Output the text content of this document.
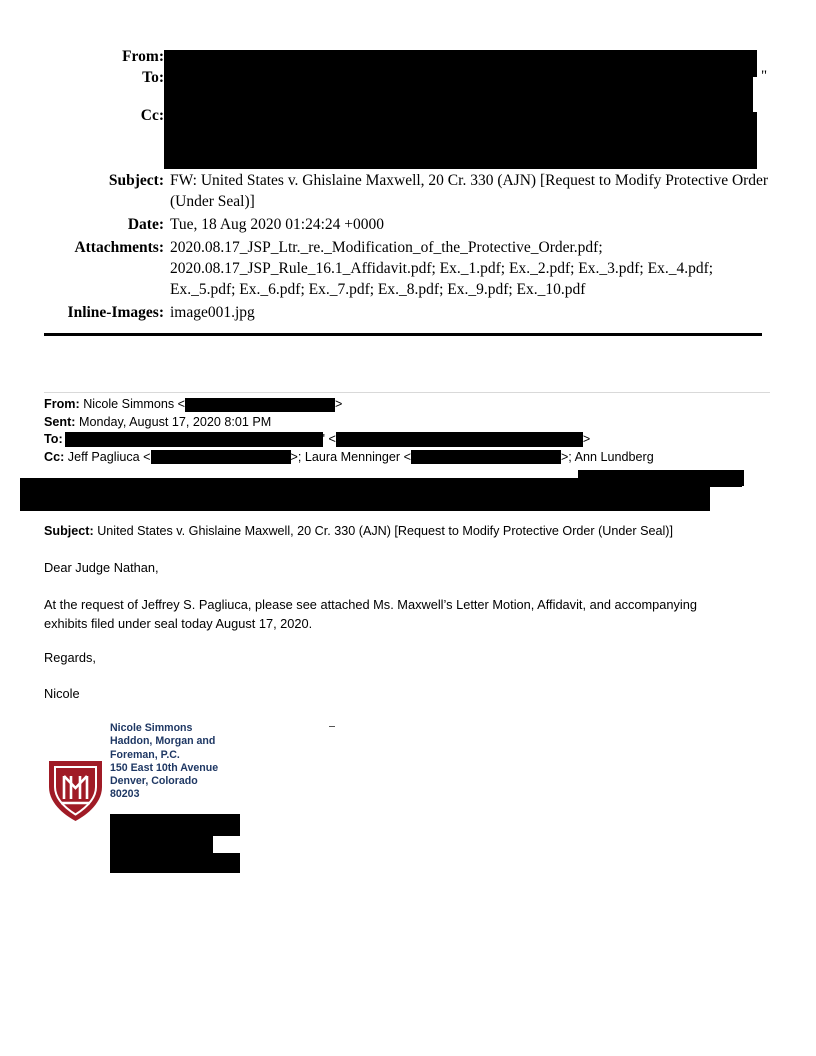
From:
To:
Cc:
Subject: FW: United States v. Ghislaine Maxwell, 20 Cr. 330 (AJN) [Request to Modify Protective Order (Under Seal)]
Date: Tue, 18 Aug 2020 01:24:24 +0000
Attachments: 2020.08.17_JSP_Ltr._re._Modification_of_the_Protective_Order.pdf; 2020.08.17_JSP_Rule_16.1_Affidavit.pdf; Ex._1.pdf; Ex._2.pdf; Ex._3.pdf; Ex._4.pdf; Ex._5.pdf; Ex._6.pdf; Ex._7.pdf; Ex._8.pdf; Ex._9.pdf; Ex._10.pdf
Inline-Images: image001.jpg
"
From: Nicole Simmons <	>
Sent: Monday, August 17, 2020 8:01 PM
To:	' <	>
Cc: Jeff Pagliuca <	>; Laura Menninger <	>; Ann Lundberg
Subject: United States v. Ghislaine Maxwell, 20 Cr. 330 (AJN) [Request to Modify Protective Order (Under Seal)]
Dear Judge Nathan,
At the request of Jeffrey S. Pagliuca, please see attached Ms. Maxwell’s Letter Motion, Affidavit, and accompanying exhibits filed under seal today August 17, 2020.
Regards,
Nicole
Nicole Simmons
Haddon, Morgan and
Foreman, P.C.
150 East 10th Avenue
Denver, Colorado
80203
